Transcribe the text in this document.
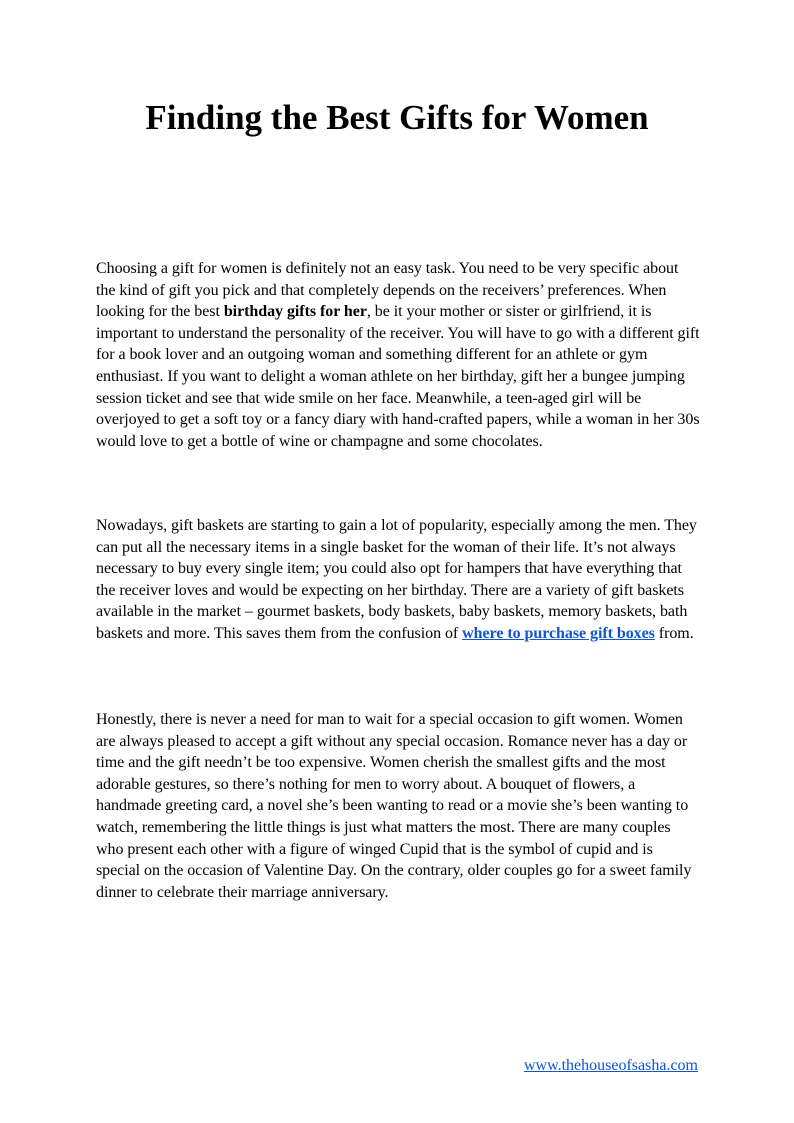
Finding the Best Gifts for Women

Choosing a gift for women is definitely not an easy task. You need to be very specific about the kind of gift you pick and that completely depends on the receivers’ preferences. When looking for the best birthday gifts for her, be it your mother or sister or girlfriend, it is important to understand the personality of the receiver. You will have to go with a different gift for a book lover and an outgoing woman and something different for an athlete or gym enthusiast. If you want to delight a woman athlete on her birthday, gift her a bungee jumping session ticket and see that wide smile on her face. Meanwhile, a teen-aged girl will be overjoyed to get a soft toy or a fancy diary with hand-crafted papers, while a woman in her 30s would love to get a bottle of wine or champagne and some chocolates.

Nowadays, gift baskets are starting to gain a lot of popularity, especially among the men. They can put all the necessary items in a single basket for the woman of their life. It’s not always necessary to buy every single item; you could also opt for hampers that have everything that the receiver loves and would be expecting on her birthday. There are a variety of gift baskets available in the market – gourmet baskets, body baskets, baby baskets, memory baskets, bath baskets and more. This saves them from the confusion of where to purchase gift boxes from.

Honestly, there is never a need for man to wait for a special occasion to gift women. Women are always pleased to accept a gift without any special occasion. Romance never has a day or time and the gift needn’t be too expensive. Women cherish the smallest gifts and the most adorable gestures, so there’s nothing for men to worry about. A bouquet of flowers, a handmade greeting card, a novel she’s been wanting to read or a movie she’s been wanting to watch, remembering the little things is just what matters the most. There are many couples who present each other with a figure of winged Cupid that is the symbol of cupid and is special on the occasion of Valentine Day. On the contrary, older couples go for a sweet family dinner to celebrate their marriage anniversary.

www.thehouseofsasha.com
